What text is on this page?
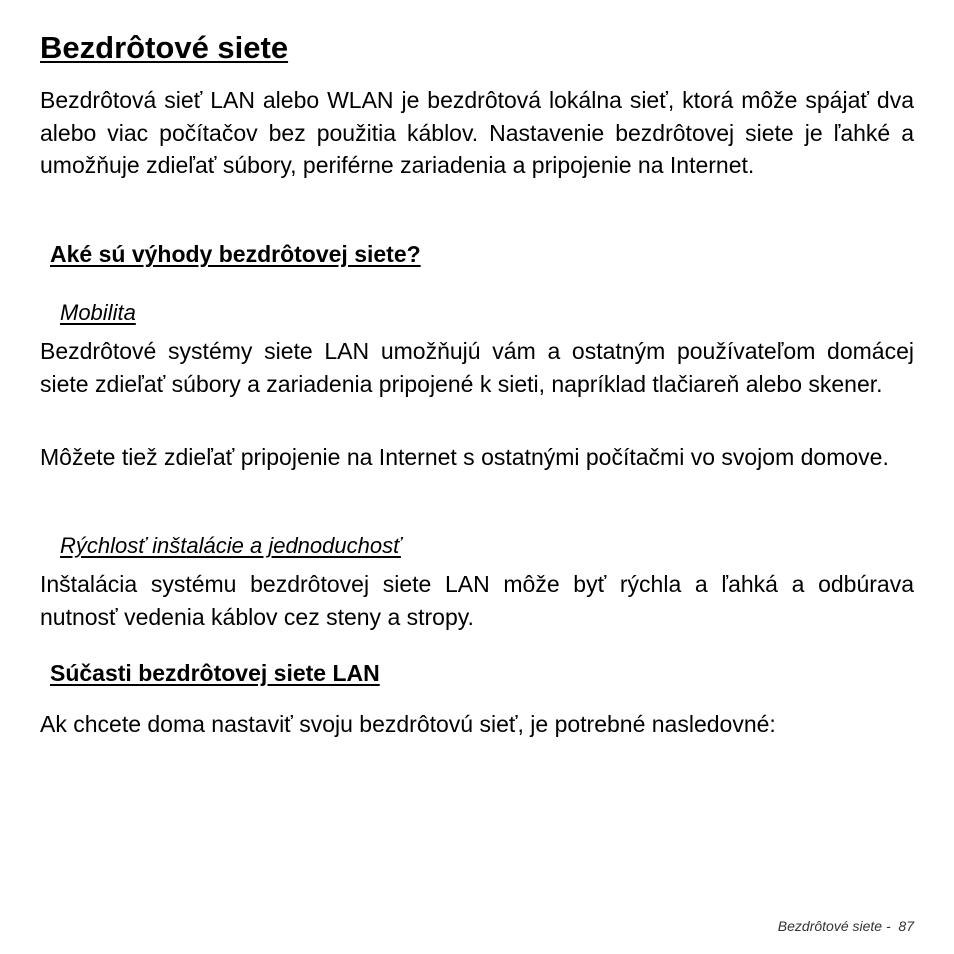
Bezdrôtové siete

Bezdrôtová sieť LAN alebo WLAN je bezdrôtová lokálna sieť, ktorá môže spájať dva alebo viac počítačov bez použitia káblov. Nastavenie bezdrôtovej siete je ľahké a umožňuje zdieľať súbory, periférne zariadenia a pripojenie na Internet.

Aké sú výhody bezdrôtovej siete?
Mobilita

Bezdrôtové systémy siete LAN umožňujú vám a ostatným používateľom domácej siete zdieľať súbory a zariadenia pripojené k sieti, napríklad tlačiareň alebo skener.

Môžete tiež zdieľať pripojenie na Internet s ostatnými počítačmi vo svojom domove.

Rýchlosť inštalácie a jednoduchosť

Inštalácia systému bezdrôtovej siete LAN môže byť rýchla a ľahká a odbúrava nutnosť vedenia káblov cez steny a stropy.

Súčasti bezdrôtovej siete LAN

Ak chcete doma nastaviť svoju bezdrôtovú sieť, je potrebné nasledovné:

Bezdrôtové siete - 87
